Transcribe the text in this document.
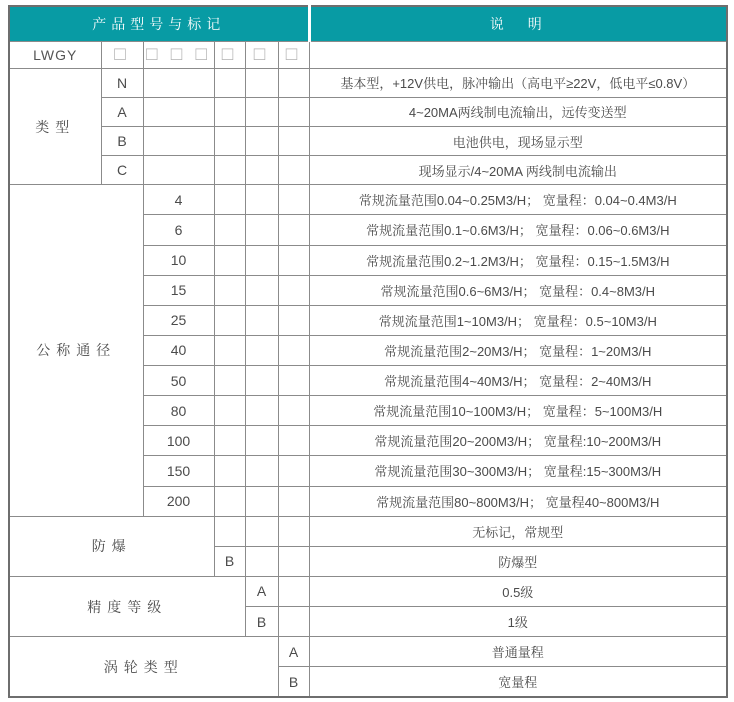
产品型号与标记						说　明
LWGY	□	□ □ □	□	□	□	
类型	N					基本型，+12V供电，脉冲输出（高电平≥22V，低电平≤0.8V）
	A					4~20MA两线制电流输出，远传变送型
	B					电池供电，现场显示型
	C					现场显示/4~20MA 两线制电流输出
公称通径		4				常规流量范围0.04~0.25M3/H； 宽量程：0.04~0.4M3/H
		6				常规流量范围0.1~0.6M3/H； 宽量程：0.06~0.6M3/H
		10				常规流量范围0.2~1.2M3/H； 宽量程：0.15~1.5M3/H
		15				常规流量范围0.6~6M3/H； 宽量程：0.4~8M3/H
		25				常规流量范围1~10M3/H； 宽量程：0.5~10M3/H
		40				常规流量范围2~20M3/H； 宽量程：1~20M3/H
		50				常规流量范围4~40M3/H； 宽量程：2~40M3/H
		80				常规流量范围10~100M3/H； 宽量程：5~100M3/H
		100				常规流量范围20~200M3/H； 宽量程:10~200M3/H
		150				常规流量范围30~300M3/H； 宽量程:15~300M3/H
		200				常规流量范围80~800M3/H； 宽量程40~800M3/H
防爆						无标记，常规型
			B			防爆型
精度等级				A		0.5级
				B		1级
涡轮类型					A	普通量程
					B	宽量程
